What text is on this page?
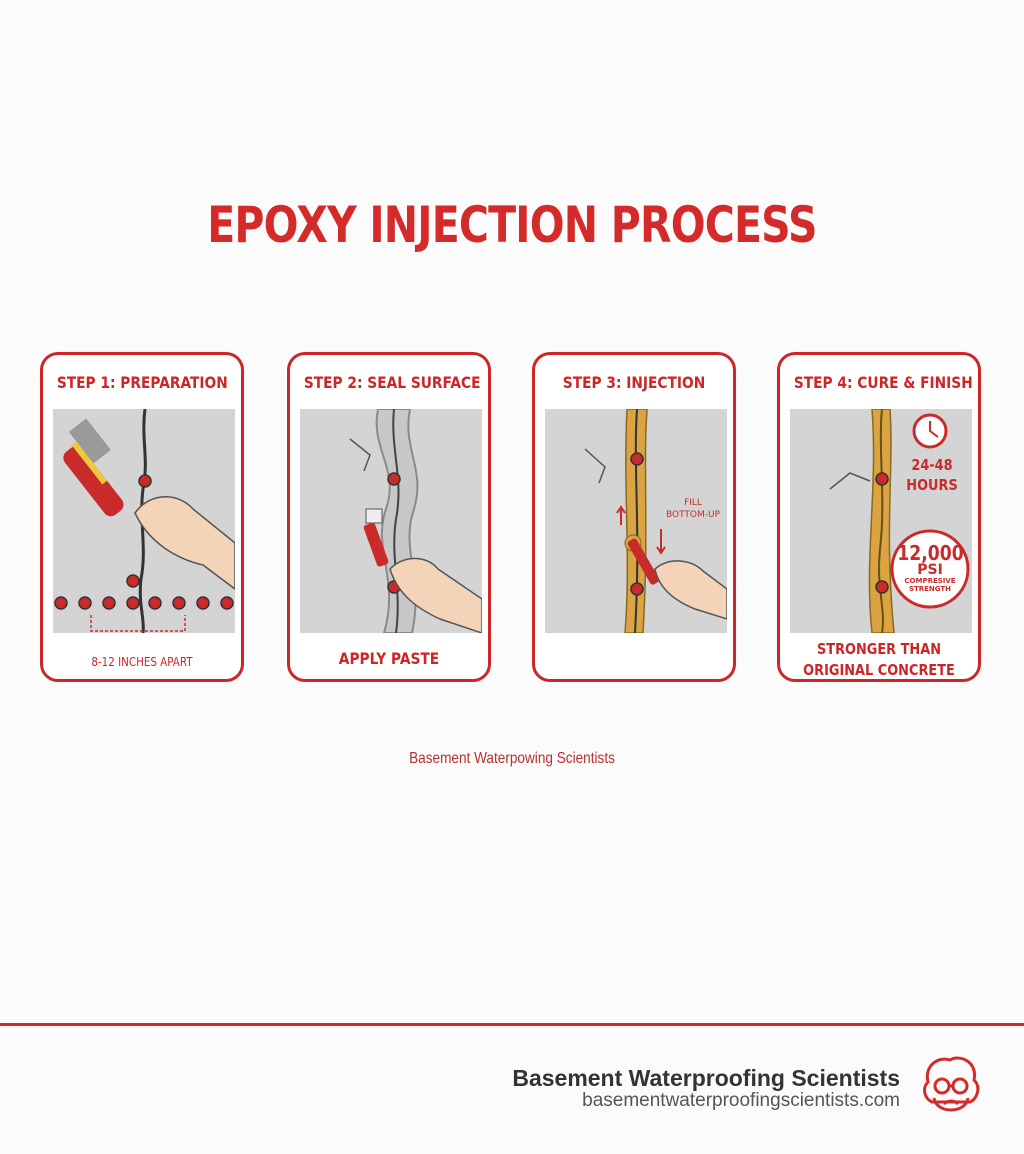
EPOXY INJECTION PROCESS
STEP 1: PREPARATION
8-12 INCHES APART
STEP 2: SEAL SURFACE
APPLY PASTE
STEP 3: INJECTION
FILL
BOTTOM-UP
STEP 4: CURE & FINISH
24-48
HOURS
12,000
PSI
COMPRESIVE
STRENGTH
STRONGER THAN
ORIGINAL CONCRETE
Basement Waterpowing Scientists
Basement Waterproofing Scientists
basementwaterproofingscientists.com
